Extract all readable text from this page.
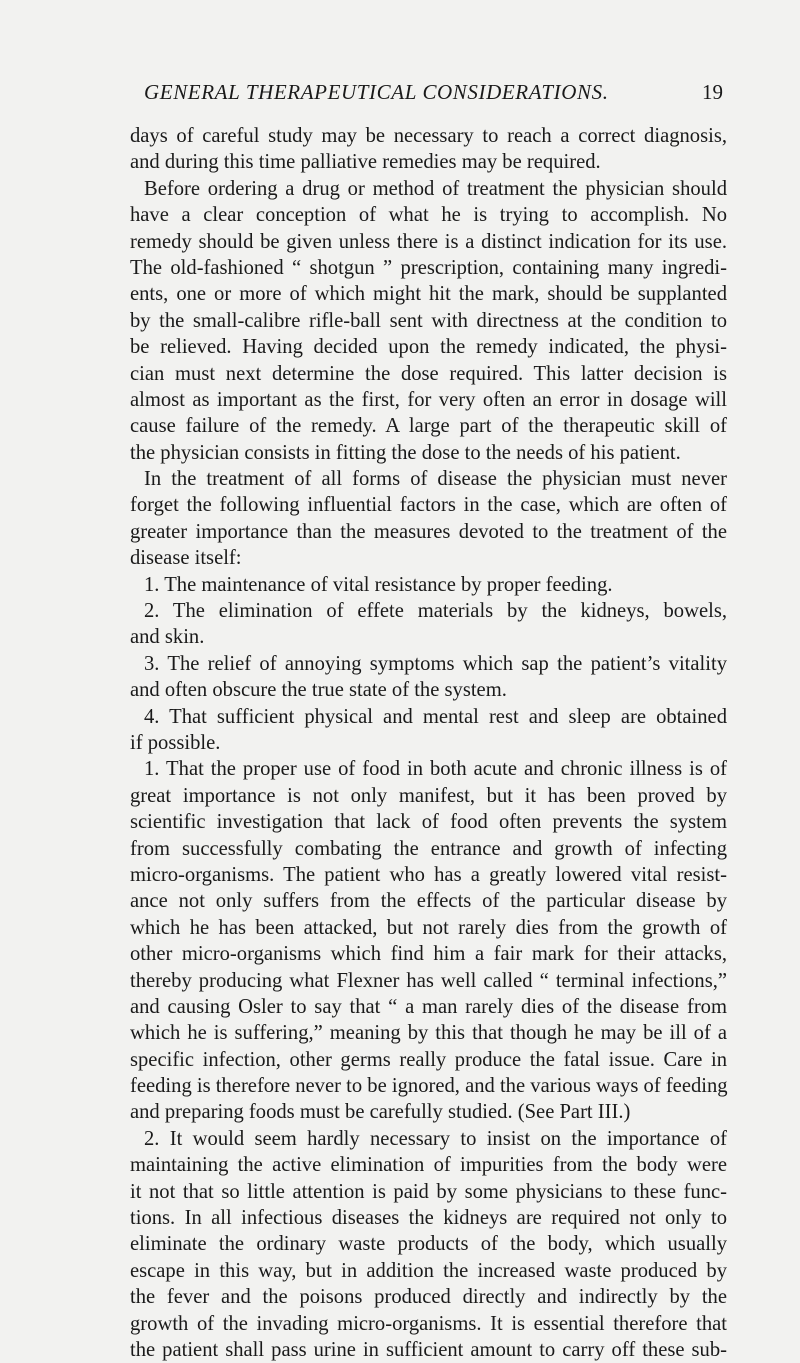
GENERAL THERAPEUTICAL CONSIDERATIONS.	19
days of careful study may be necessary to reach a correct diagnosis,
and during this time palliative remedies may be required.
Before ordering a drug or method of treatment the physician should
have a clear conception of what he is trying to accomplish. No
remedy should be given unless there is a distinct indication for its use.
The old-fashioned “ shotgun ” prescription, containing many ingredi-
ents, one or more of which might hit the mark, should be supplanted
by the small-calibre rifle-ball sent with directness at the condition to
be relieved. Having decided upon the remedy indicated, the physi-
cian must next determine the dose required. This latter decision is
almost as important as the first, for very often an error in dosage will
cause failure of the remedy. A large part of the therapeutic skill of
the physician consists in fitting the dose to the needs of his patient.
In the treatment of all forms of disease the physician must never
forget the following influential factors in the case, which are often of
greater importance than the measures devoted to the treatment of the
disease itself:
1. The maintenance of vital resistance by proper feeding.
2. The elimination of effete materials by the kidneys, bowels,
and skin.
3. The relief of annoying symptoms which sap the patient’s vitality
and often obscure the true state of the system.
4. That sufficient physical and mental rest and sleep are obtained
if possible.
1. That the proper use of food in both acute and chronic illness is of
great importance is not only manifest, but it has been proved by
scientific investigation that lack of food often prevents the system
from successfully combating the entrance and growth of infecting
micro-organisms. The patient who has a greatly lowered vital resist-
ance not only suffers from the effects of the particular disease by
which he has been attacked, but not rarely dies from the growth of
other micro-organisms which find him a fair mark for their attacks,
thereby producing what Flexner has well called “ terminal infections,”
and causing Osler to say that “ a man rarely dies of the disease from
which he is suffering,” meaning by this that though he may be ill of a
specific infection, other germs really produce the fatal issue. Care in
feeding is therefore never to be ignored, and the various ways of feeding
and preparing foods must be carefully studied. (See Part III.)
2. It would seem hardly necessary to insist on the importance of
maintaining the active elimination of impurities from the body were
it not that so little attention is paid by some physicians to these func-
tions. In all infectious diseases the kidneys are required not only to
eliminate the ordinary waste products of the body, which usually
escape in this way, but in addition the increased waste produced by
the fever and the poisons produced directly and indirectly by the
growth of the invading micro-organisms. It is essential therefore that
the patient shall pass urine in sufficient amount to carry off these sub-
